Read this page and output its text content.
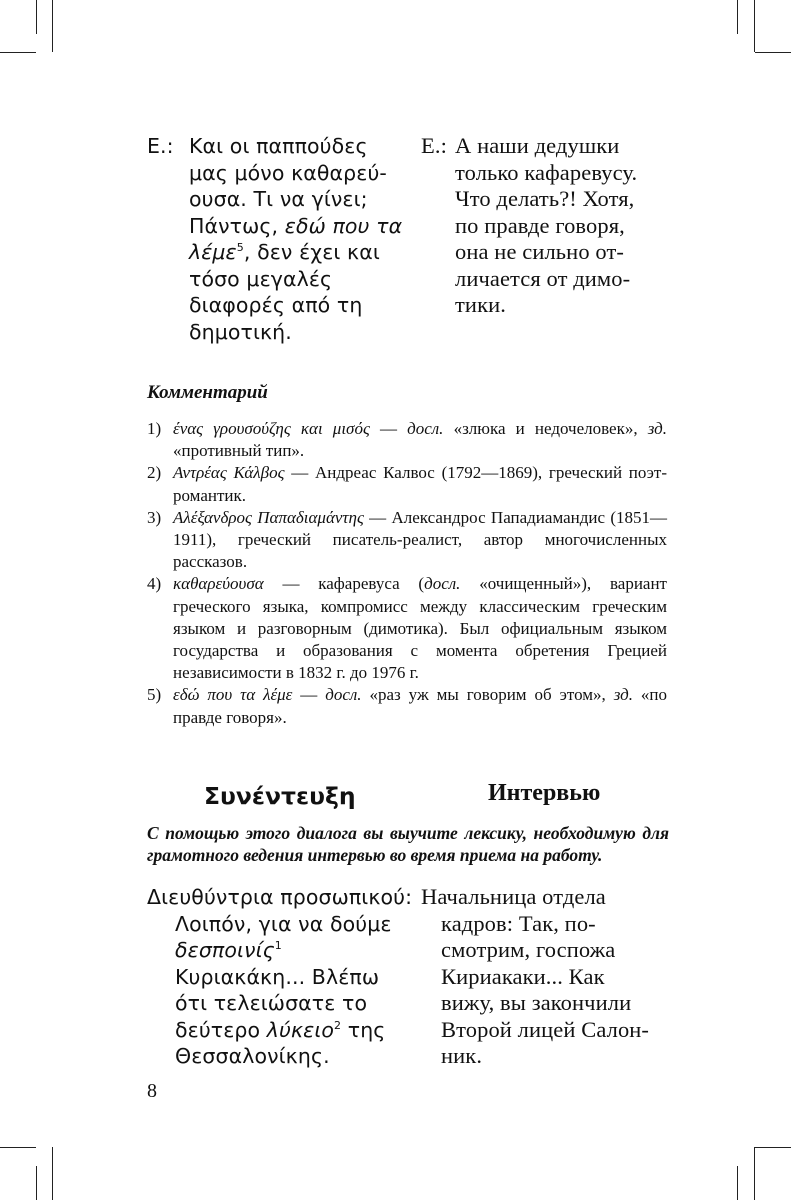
Ε.: Και οι παππούδες
μας μόνο καθαρεύ-
ουσα. Τι να γίνει;
Πάντως, εδώ που τα
λέμε$^5$, δεν έχει και
τόσο μεγαλές
διαφορές από τη
δημοτική.
Е.: А наши дедушки
только кафаревусу.
Что делать?! Хотя,
по правде говоря,
она не сильно от-
личается от димо-
тики.
Комментарий
1) ένας γρουσούζης και μισός — досл. «злюка и недочеловек», зд. «противный тип».
2) Αντρέας Κάλβος — Андреас Калвос (1792—1869), греческий поэт-романтик.
3) Αλέξανδρος Παπαδιαμάντης — Александрос Пападиамандис (1851—1911), греческий писатель-реалист, автор многочисленных рассказов.
4) καθαρεύουσα — кафаревуса (досл. «очищенный»), вариант греческого языка, компромисс между классическим греческим языком и разговорным (димотика). Был официальным языком государства и образования с момента обретения Грецией независимости в 1832 г. до 1976 г.
5) εδώ που τα λέμε — досл. «раз уж мы говорим об этом», зд. «по правде говоря».
Συνέντευξη	Интервью
С помощью этого диалога вы выучите лексику, необходимую для грамотного ведения интервью во время приема на работу.
Διευθύντρια προσωπικού:
Λοιπόν, για να δούμε
δεσποινίς$^1$
Κυριακάκη... Βλέπω
ότι τελειώσατε το
δεύτερο λύκειο$^2$ της
Θεσσαλονίκης.
Начальница отдела
кадров: Так, по-
смотрим, госпожа
Кириакаки... Как
вижу, вы закончили
Второй лицей Салон-
ник.
8
